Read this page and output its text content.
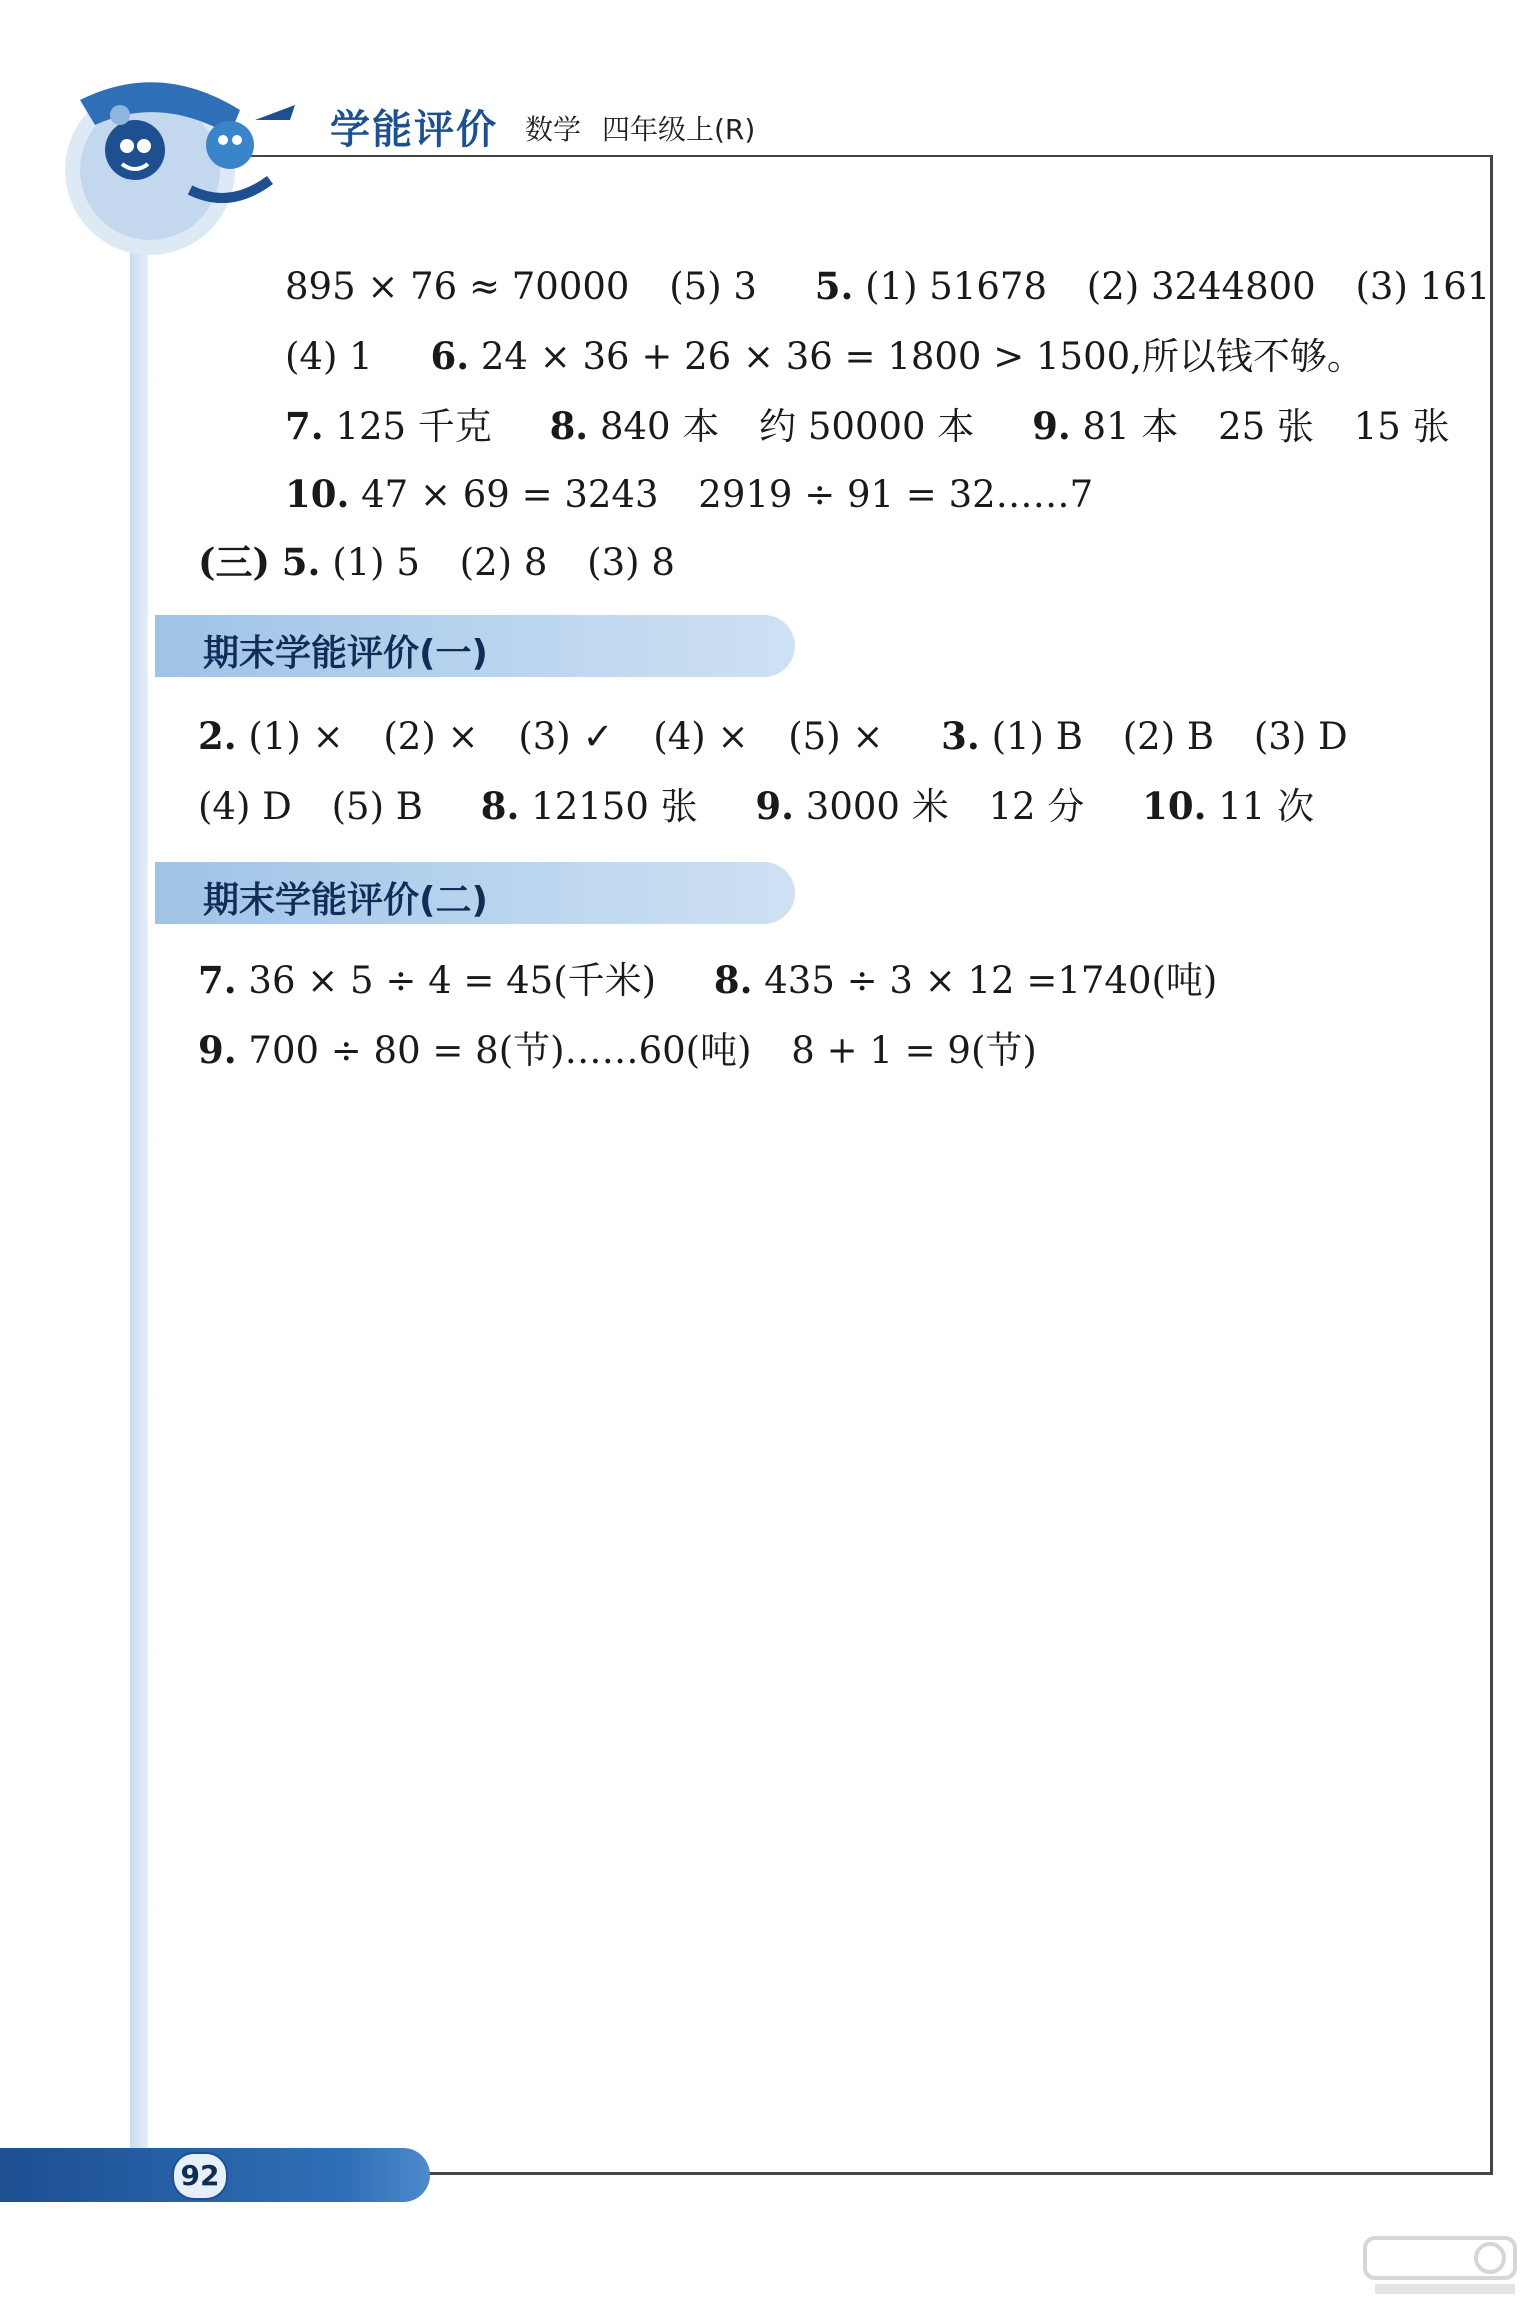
学能评价 数学 四年级上(R)
895 × 76 ≈ 70000 (5) 3 5. (1) 51678 (2) 3244800 (3) 161
(4) 1 6. 24 × 36 + 26 × 36 = 1800 > 1500,所以钱不够。
7. 125 千克 8. 840 本 约 50000 本 9. 81 本 25 张 15 张
10. 47 × 69 = 3243 2919 ÷ 91 = 32……7
(三) 5. (1) 5 (2) 8 (3) 8
期末学能评价(一)
2. (1) × (2) × (3) ✓ (4) × (5) × 3. (1) B (2) B (3) D
(4) D (5) B 8. 12150 张 9. 3000 米 12 分 10. 11 次
期末学能评价(二)
7. 36 × 5 ÷ 4 = 45(千米) 8. 435 ÷ 3 × 12 =1740(吨)
9. 700 ÷ 80 = 8(节)……60(吨) 8 + 1 = 9(节)
92
